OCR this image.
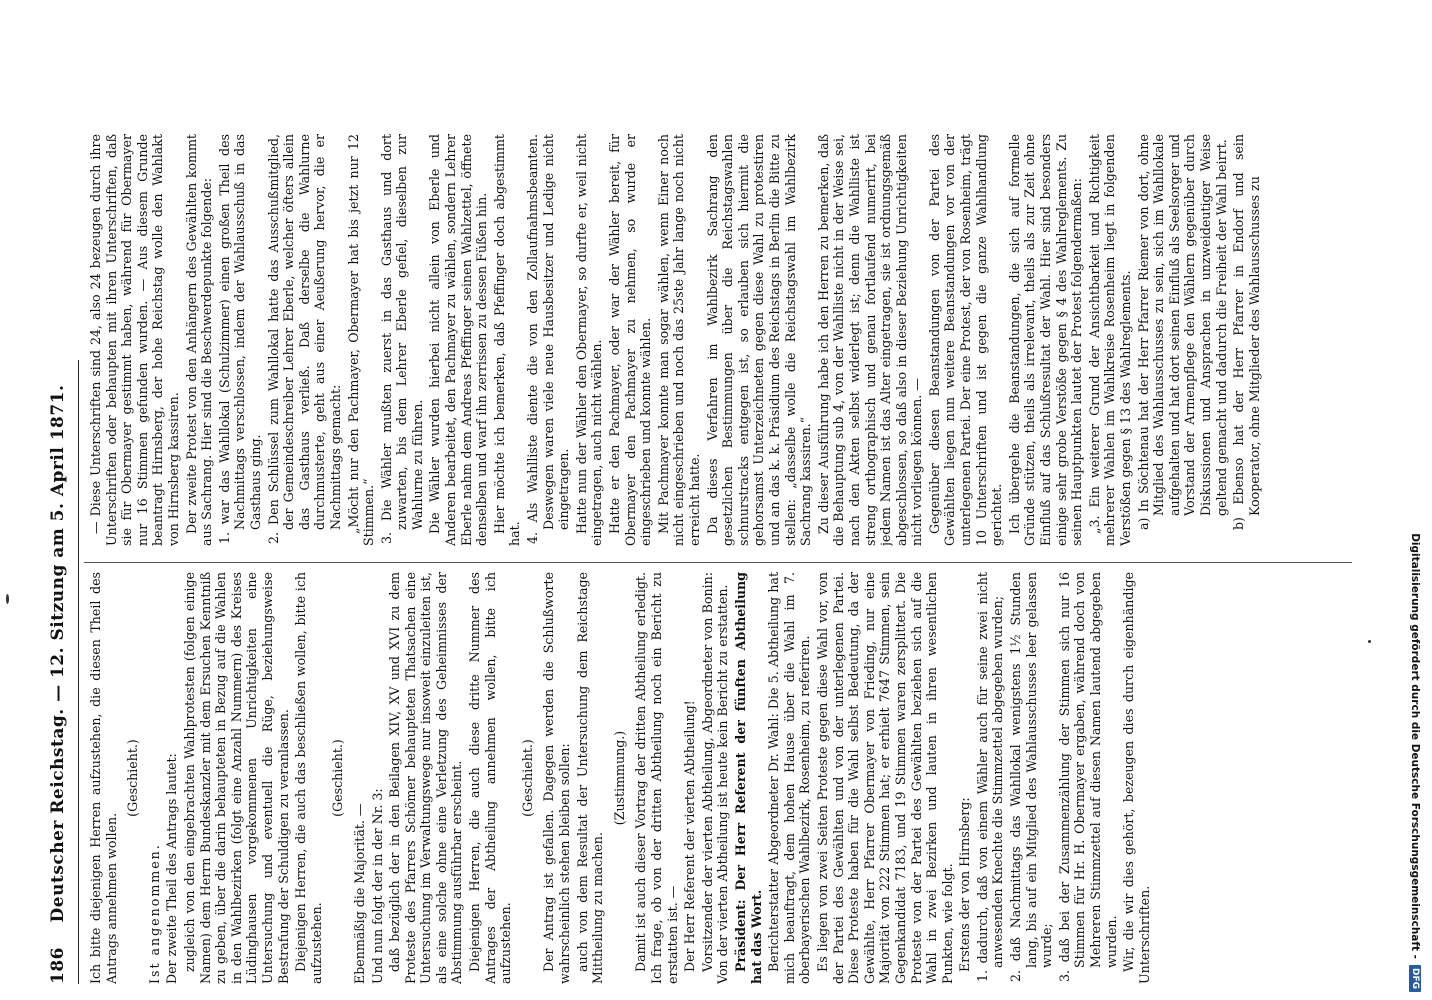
186
Deutscher Reichstag. — 12. Sitzung am 5. April 1871. Ich bitte diejenigen Herren aufzustehen, die diesen Theil des Antrags annehmen wollen.

(Geschieht.)

Ist angenommen. Der zweite Theil des Antrags lautet: zugleich von den eingebrachten Wahlprotesten (folgen einige Namen) dem Herrn Bundeskanzler mit dem Ersuchen Kenntniß zu geben, über die darin behaupteten in Bezug auf die Wahlen in den Wahlbezirken (folgt eine Anzahl Nummern) des Kreises Lüdinghausen vorgekommenen Unrichtigkeiten eine Untersuchung und eventuell die Rüge, beziehungsweise Bestrafung der Schuldigen zu veranlassen. Diejenigen Herren, die auch das beschließen wollen, bitte ich aufzustehen.

(Geschieht.)

Ebenmäßig die Majorität. — Und nun folgt der in der Nr. 3: daß bezüglich der in den Beilagen XIV, XV und XVI zu dem Proteste des Pfarrers Schömer behaupteten Thatsachen eine Untersuchung im Verwaltungswege nur insoweit einzuleiten ist, als eine solche ohne eine Verletzung des Geheimnisses der Abstimmung ausführbar erscheint. Diejenigen Herren, die auch diese dritte Nummer des Antrages der Abtheilung annehmen wollen, bitte ich aufzustehen.

(Geschieht.) Der Antrag ist gefallen. Dagegen werden die Schlußworte wahrscheinlich stehen bleiben sollen: auch von dem Resultat der Untersuchung dem Reichstage Mittheilung zu machen.

(Zustimmung.) Damit ist auch dieser Vortrag der dritten Abtheilung erledigt. Ich frage, ob von der dritten Abtheilung noch ein Bericht zu erstatten ist. — Der Herr Referent der vierten Abtheilung! Vorsitzender der vierten Abtheilung, Abgeordneter von Bonin: Von der vierten Abtheilung ist heute kein Bericht zu erstatten. Präsident: Der Herr Referent der fünften Abtheilung hat das Wort. Berichterstatter Abgeordneter Dr. Wahl: Die 5. Abtheilung hat mich beauftragt, dem hohen Hause über die Wahl im 7. oberbayerischen Wahlbezirk, Rosenheim, zu referiren. Es liegen von zwei Seiten Proteste gegen diese Wahl vor, von der Partei des Gewählten und von der unterlegenen Partei. Diese Proteste haben für die Wahl selbst Bedeutung, da der Gewählte, Herr Pfarrer Obermayer von Frieding, nur eine Majorität von 222 Stimmen hat; er erhielt 7647 Stimmen, sein Gegenkandidat 7183, und 19 Stimmen waren zersplittert. Die Proteste von der Partei des Gewählten beziehen sich auf die Wahl in zwei Bezirken und lauten in ihren wesentlichen Punkten, wie folgt. Erstens der von Hirnsberg: 1. dadurch, daß von einem Wähler auch für seine zwei nicht anwesenden Knechte die Stimmzettel abgegeben wurden; 2. daß Nachmittags das Wahllokal wenigstens 1½ Stunden lang, bis auf ein Mitglied des Wahlausschusses leer gelassen wurde; 3. daß bei der Zusammenzählung der Stimmen sich nur 16 Stimmen für Hr. H. Obermayer ergaben, während doch von Mehreren Stimmzettel auf diesen Namen lautend abgegeben wurden. Wir, die wir dies gehört, bezeugen dies durch eigenhändige Unterschriften.

— Diese Unterschriften sind 24, also 24 bezeugen durch ihre Unterschriften oder behaupten mit ihren Unterschriften, daß sie für Obermayer gestimmt haben, während für Obermayer nur 16 Stimmen gefunden wurden. — Aus diesem Grunde beantragt Hirnsberg, der hohe Reichstag wolle den Wahlakt von Hirnsberg kassiren. Der zweite Protest von den Anhängern des Gewählten kommt aus Sachrang. Hier sind die Beschwerdepunkte folgende: 1. war das Wahllokal (Schulzimmer) einen großen Theil des Nachmittags verschlossen, indem der Wahlausschuß in das Gasthaus ging. 2. Den Schlüssel zum Wahllokal hatte das Ausschußmitglied, der Gemeindeschreiber Lehrer Eberle, welcher öfters allein das Gasthaus verließ. Daß derselbe die Wahlurne durchmusterte, geht aus einer Aeußerung hervor, die er Nachmittags gemacht: „Möcht nur den Pachmayer, Obermayer hat bis jetzt nur 12 Stimmen.“ 3. Die Wähler mußten zuerst in das Gasthaus und dort zuwarten, bis dem Lehrer Eberle gefiel, dieselben zur Wahlurne zu führen. Die Wähler wurden hierbei nicht allein von Eberle und Anderen bearbeitet, den Pachmayer zu wählen, sondern Lehrer Eberle nahm dem Andreas Pfeffinger seinen Wahlzettel, öffnete denselben und warf ihn zerrissen zu dessen Füßen hin. Hier möchte ich bemerken, daß Pfeffinger doch abgestimmt hat. 4. Als Wahlliste diente die von den Zollaufnahmsbeamten. Deswegen waren viele neue Hausbesitzer und Ledige nicht eingetragen. Hatte nun der Wähler den Obermayer, so durfte er, weil nicht eingetragen, auch nicht wählen. Hatte er den Pachmayer, oder war der Wähler bereit, für Obermayer den Pachmayer zu nehmen, so wurde er eingeschrieben und konnte wählen. Mit Pachmayer konnte man sogar wählen, wenn Einer noch nicht eingeschrieben und noch das 25ste Jahr lange noch nicht erreicht hatte. Da dieses Verfahren im Wahlbezirk Sachrang den gesetzlichen Bestimmungen über die Reichstagswahlen schnurstracks entgegen ist, so erlauben sich hiermit die gehorsamst Unterzeichneten gegen diese Wahl zu protestiren und an das k. k. Präsidium des Reichstags in Berlin die Bitte zu stellen: „dasselbe wolle die Reichstagswahl im Wahlbezirk Sachrang kassiren.“ Zu dieser Ausführung habe ich den Herren zu bemerken, daß die Behauptung sub 4, von der Wahlliste nicht in der Weise sei, nach den Akten selbst widerlegt ist; denn die Wahlliste ist streng orthographisch und genau fortlaufend numerirt, bei jedem Namen ist das Alter eingetragen, sie ist ordnungsgemäß abgeschlossen, so daß also in dieser Beziehung Unrichtigkeiten nicht vorliegen können. — Gegenüber diesen Beanstandungen von der Partei des Gewählten liegen nun weitere Beanstandungen vor von der unterlegenen Partei. Der eine Protest, der von Rosenheim, trägt 10 Unterschriften und ist gegen die ganze Wahlhandlung gerichtet. Ich übergehe die Beanstandungen, die sich auf formelle Gründe stützen, theils als irrelevant, theils als zur Zeit ohne Einfluß auf das Schlußresultat der Wahl. Hier sind besonders einige sehr grobe Verstöße gegen § 4 des Wahlreglements. Zu seinen Hauptpunkten lautet der Protest folgendermaßen: „3. Ein weiterer Grund der Ansichtbarkeit und Richtigkeit mehrerer Wahlen im Wahlkreise Rosenheim liegt in folgenden Verstößen gegen § 13 des Wahlreglements. a) In Söchtenau hat der Herr Pfarrer Riemer von dort, ohne Mitglied des Wahlausschusses zu sein, sich im Wahllokale aufgehalten und hat dort seinen Einfluß als Seelsorger und Vorstand der Armenpflege den Wählern gegenüber durch Diskussionen und Ansprachen in unzweideutiger Weise geltend gemacht und dadurch die Freiheit der Wahl beirrt. b) Ebenso hat der Herr Pfarrer in Endorf und sein Kooperator, ohne Mitglieder des Wahlausschusses zu

Digitalisierung gefördert durch die Deutsche Forschungsgemeinschaft -
DFG
